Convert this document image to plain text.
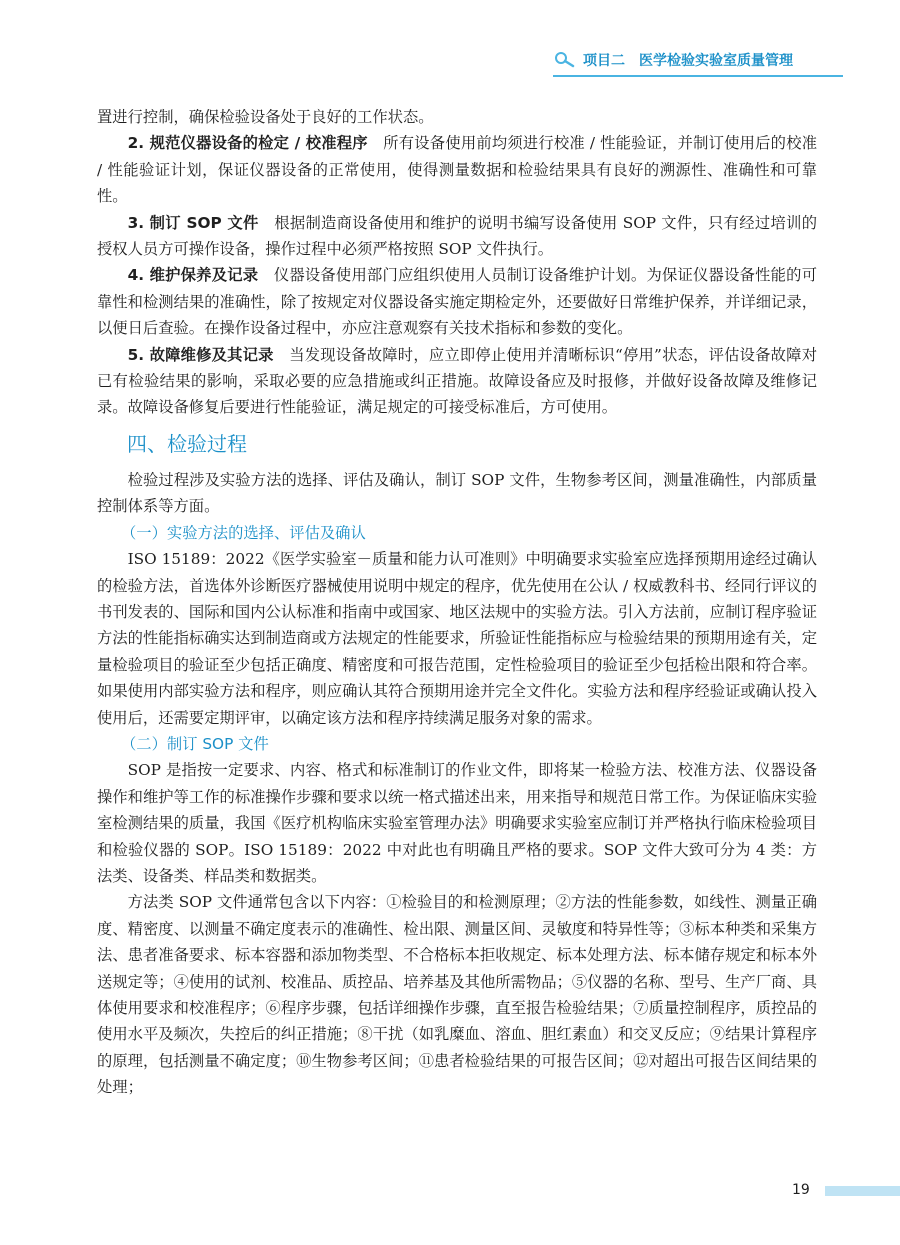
项目二　医学检验实验室质量管理

置进行控制，确保检验设备处于良好的工作状态。

2. 规范仪器设备的检定 / 校准程序　所有设备使用前均须进行校准 / 性能验证，并制订使用后的校准 / 性能验证计划，保证仪器设备的正常使用，使得测量数据和检验结果具有良好的溯源性、准确性和可靠性。

3. 制订 SOP 文件　根据制造商设备使用和维护的说明书编写设备使用 SOP 文件，只有经过培训的授权人员方可操作设备，操作过程中必须严格按照 SOP 文件执行。

4. 维护保养及记录　仪器设备使用部门应组织使用人员制订设备维护计划。为保证仪器设备性能的可靠性和检测结果的准确性，除了按规定对仪器设备实施定期检定外，还要做好日常维护保养，并详细记录，以便日后查验。在操作设备过程中，亦应注意观察有关技术指标和参数的变化。

5. 故障维修及其记录　当发现设备故障时，应立即停止使用并清晰标识“停用”状态，评估设备故障对已有检验结果的影响，采取必要的应急措施或纠正措施。故障设备应及时报修，并做好设备故障及维修记录。故障设备修复后要进行性能验证，满足规定的可接受标准后，方可使用。

四、检验过程

检验过程涉及实验方法的选择、评估及确认，制订 SOP 文件，生物参考区间，测量准确性，内部质量控制体系等方面。

（一）实验方法的选择、评估及确认

ISO 15189：2022《医学实验室－质量和能力认可准则》中明确要求实验室应选择预期用途经过确认的检验方法，首选体外诊断医疗器械使用说明中规定的程序，优先使用在公认 / 权威教科书、经同行评议的书刊发表的、国际和国内公认标准和指南中或国家、地区法规中的实验方法。引入方法前，应制订程序验证方法的性能指标确实达到制造商或方法规定的性能要求，所验证性能指标应与检验结果的预期用途有关，定量检验项目的验证至少包括正确度、精密度和可报告范围，定性检验项目的验证至少包括检出限和符合率。如果使用内部实验方法和程序，则应确认其符合预期用途并完全文件化。实验方法和程序经验证或确认投入使用后，还需要定期评审，以确定该方法和程序持续满足服务对象的需求。

（二）制订 SOP 文件

SOP 是指按一定要求、内容、格式和标准制订的作业文件，即将某一检验方法、校准方法、仪器设备操作和维护等工作的标准操作步骤和要求以统一格式描述出来，用来指导和规范日常工作。为保证临床实验室检测结果的质量，我国《医疗机构临床实验室管理办法》明确要求实验室应制订并严格执行临床检验项目和检验仪器的 SOP。ISO 15189：2022 中对此也有明确且严格的要求。SOP 文件大致可分为 4 类：方法类、设备类、样品类和数据类。

方法类 SOP 文件通常包含以下内容：①检验目的和检测原理；②方法的性能参数，如线性、测量正确度、精密度、以测量不确定度表示的准确性、检出限、测量区间、灵敏度和特异性等；③标本种类和采集方法、患者准备要求、标本容器和添加物类型、不合格标本拒收规定、标本处理方法、标本储存规定和标本外送规定等；④使用的试剂、校准品、质控品、培养基及其他所需物品；⑤仪器的名称、型号、生产厂商、具体使用要求和校准程序；⑥程序步骤，包括详细操作步骤，直至报告检验结果；⑦质量控制程序，质控品的使用水平及频次，失控后的纠正措施；⑧干扰（如乳糜血、溶血、胆红素血）和交叉反应；⑨结果计算程序的原理，包括测量不确定度；⑩生物参考区间；⑪患者检验结果的可报告区间；⑫对超出可报告区间结果的处理；

19
